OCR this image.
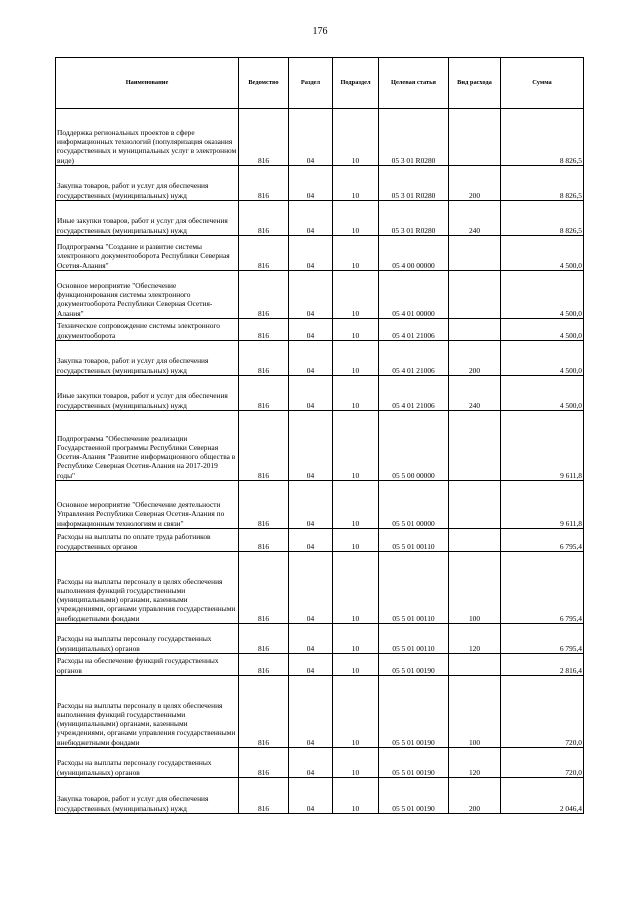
176
Наименование	Ведомство	Раздел	Подраздел	Целевая статья	Вид расхода	Сумма
Поддержка региональных проектов в сфере информационных технологий (популяризация оказания государственных и муниципальных услуг в электронном виде)	816	04	10	05 3 01 R0280		8 826,5
Закупка товаров, работ и услуг для обеспечения государственных (муниципальных) нужд	816	04	10	05 3 01 R0280	200	8 826,5
Иные закупки товаров, работ и услуг для обеспечения государственных (муниципальных) нужд	816	04	10	05 3 01 R0280	240	8 826,5
Подпрограмма "Создание и развитие системы электронного документооборота Республики Северная Осетия-Алания"	816	04	10	05 4 00 00000		4 500,0
Основное мероприятие "Обеспечение функционирования системы электронного документооборота Республики Северная Осетия-Алания"	816	04	10	05 4 01 00000		4 500,0
Техническое сопровождение системы электронного документооборота	816	04	10	05 4 01 21006		4 500,0
Закупка товаров, работ и услуг для обеспечения государственных (муниципальных) нужд	816	04	10	05 4 01 21006	200	4 500,0
Иные закупки товаров, работ и услуг для обеспечения государственных (муниципальных) нужд	816	04	10	05 4 01 21006	240	4 500,0
Подпрограмма "Обеспечение реализации Государственной программы Республики Северная Осетия-Алания "Развитие информационного общества в Республике Северная Осетия-Алания на 2017-2019 годы"	816	04	10	05 5 00 00000		9 611,8
Основное мероприятие "Обеспечение деятельности Управления Республики Северная Осетия-Алания по информационным технологиям и связи"	816	04	10	05 5 01 00000		9 611,8
Расходы на выплаты по оплате труда работников государственных органов	816	04	10	05 5 01 00110		6 795,4
Расходы на выплаты персоналу в целях обеспечения выполнения функций государственными (муниципальными) органами, казенными учреждениями, органами управления государственными внебюджетными фондами	816	04	10	05 5 01 00110	100	6 795,4
Расходы на выплаты персоналу государственных (муниципальных) органов	816	04	10	05 5 01 00110	120	6 795,4
Расходы на обеспечение функций государственных органов	816	04	10	05 5 01 00190		2 816,4
Расходы на выплаты персоналу в целях обеспечения выполнения функций государственными (муниципальными) органами, казенными учреждениями, органами управления государственными внебюджетными фондами	816	04	10	05 5 01 00190	100	720,0
Расходы на выплаты персоналу государственных (муниципальных) органов	816	04	10	05 5 01 00190	120	720,0
Закупка товаров, работ и услуг для обеспечения государственных (муниципальных) нужд	816	04	10	05 5 01 00190	200	2 046,4
